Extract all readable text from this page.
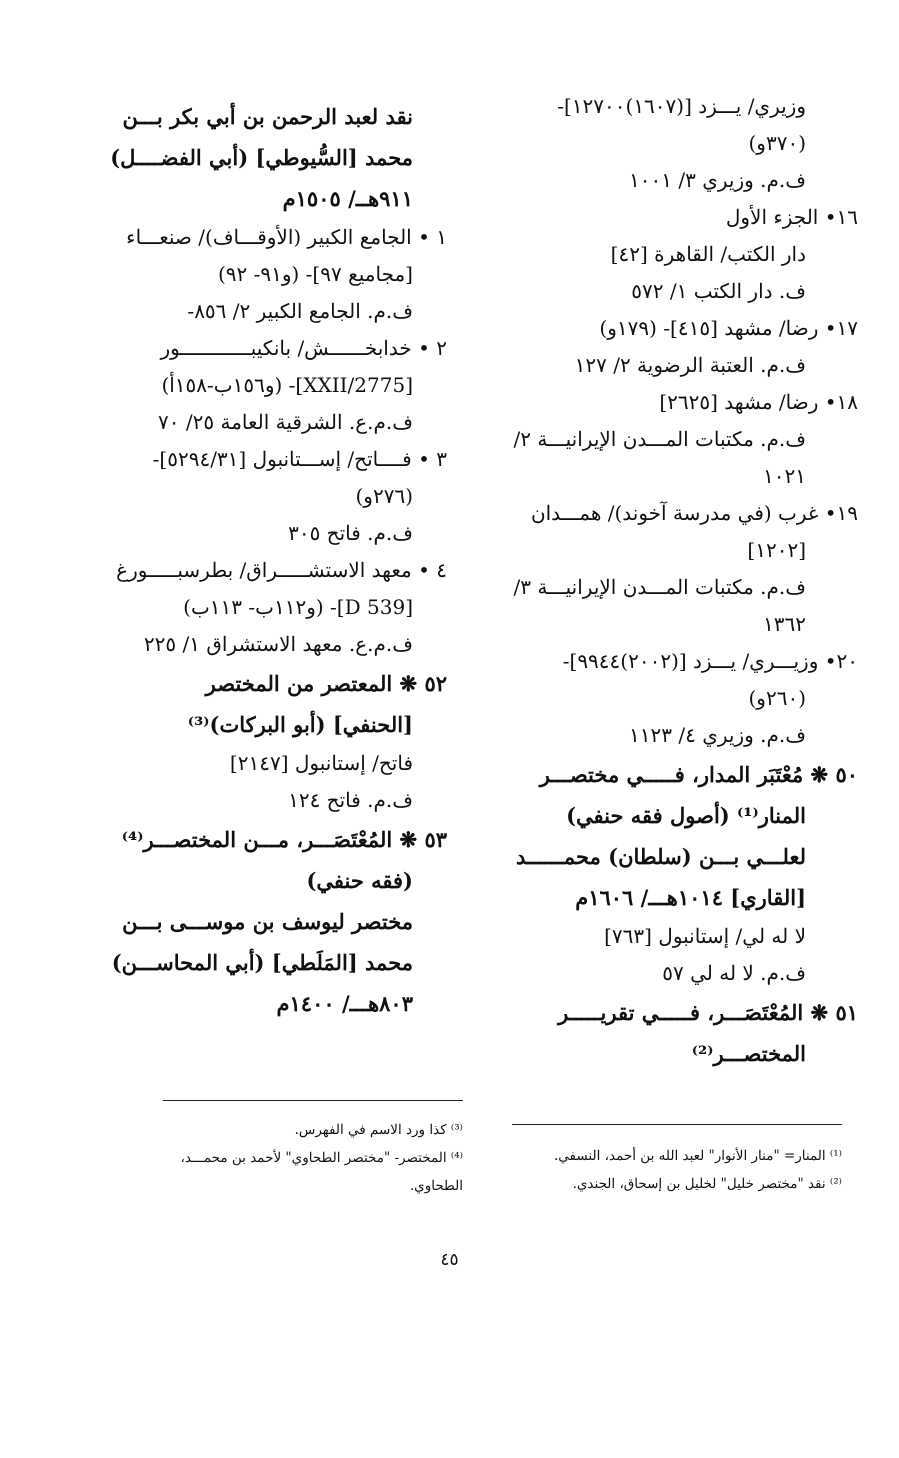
وزيري/ يـــزد [(١٦٠٧)١٢٧٠٠]-
(٣٧٠و)
ف.م. وزيري ٣/ ١٠٠١
١٦• الجزء الأول
دار الكتب/ القاهرة [٤٢]
ف. دار الكتب ١/ ٥٧٢
١٧• رضا/ مشهد [٤١٥]- (١٧٩و)
ف.م. العتبة الرضوية ٢/ ١٢٧
١٨• رضا/ مشهد [٢٦٢٥]
ف.م. مكتبات المـــدن الإيرانيـــة ٢/
١٠٢١
١٩• غرب (في مدرسة آخوند)/ همـــدان
[١٢٠٢]
ف.م. مكتبات المـــدن الإيرانيـــة ٣/
١٣٦٢
٢٠• وزيـــري/ يـــزد [(٢٠٠٢)٩٩٤٤]-
(٢٦٠و)
ف.م. وزيري ٤/ ١١٢٣
٥٠ ❋ مُعْتَبَر المدار، فـــــي مختصـــر
المنار⁽¹⁾ (أصول فقه حنفي)
لعلـــي بـــن (سلطان) محمــــــد
[القاري] ١٠١٤هـــ/ ١٦٠٦م
لا له لي/ إستانبول [٧٦٣]
ف.م. لا له لي ٥٧
٥١ ❋ المُعْتَصَـــر، فـــــي تقريـــــر
المختصـــر⁽²⁾
نقد لعبد الرحمن بن أبي بكر بـــن
محمد [السُّيوطي] (أبي الفضــــل)
٩١١هــ/ ١٥٠٥م
١ • الجامع الكبير (الأوقـــاف)/ صنعـــاء
[مجاميع ٩٧]- (و٩١- ٩٢)
ف.م. الجامع الكبير ٢/ ٨٥٦-
٢ • خدابخــــــش/ بانكيبــــــــــــور
[2775/XXII]- (و١٥٦ب-١٥٨أ)
ف.م.ع. الشرقية العامة ٢٥/ ٧٠
٣ • فــــاتح/ إســـتانبول [٥٢٩٤/٣١]-
(٢٧٦و)
ف.م. فاتح ٣٠٥
٤ • معهد الاستشـــــراق/ بطرسبـــــورغ
[D 539]- (و١١٢ب- ١١٣ب)
ف.م.ع. معهد الاستشراق ١/ ٢٢٥
٥٢ ❋ المعتصر من المختصر
[الحنفي] (أبو البركات)⁽³⁾
فاتح/ إستانبول [٢١٤٧]
ف.م. فاتح ١٢٤
٥٣ ❋ المُعْتَصَـــر، مـــن المختصـــر⁽⁴⁾
(فقه حنفي)
مختصر ليوسف بن موســـى بـــن
محمد [المَلَطي] (أبي المحاســـن)
٨٠٣هـــ/ ١٤٠٠م
⁽¹⁾ المنار= "منار الأنوار" لعبد الله بن أحمد، النسفي.
⁽²⁾ نقد "مختصر خليل" لخليل بن إسحاق، الجندي.
⁽³⁾ كذا ورد الاسم في الفهرس.
⁽⁴⁾ المختصر- "مختصر الطحاوي" لأحمد بن محمـــد،
الطحاوي.
٤٥
